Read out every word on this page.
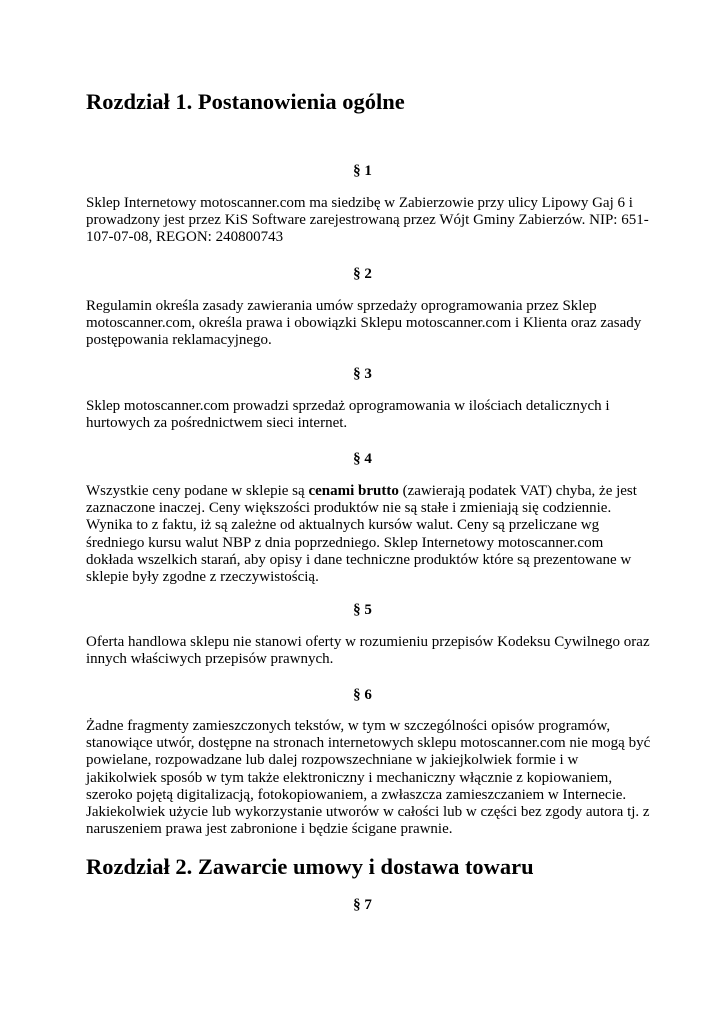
Rozdział 1. Postanowienia ogólne

§ 1

Sklep Internetowy motoscanner.com ma siedzibę w Zabierzowie przy ulicy Lipowy Gaj 6 i
prowadzony jest przez KiS Software zarejestrowaną przez Wójt Gminy Zabierzów. NIP: 651-
107-07-08, REGON: 240800743

§ 2

Regulamin określa zasady zawierania umów sprzedaży oprogramowania przez Sklep
motoscanner.com, określa prawa i obowiązki Sklepu motoscanner.com i Klienta oraz zasady
postępowania reklamacyjnego.

§ 3

Sklep motoscanner.com prowadzi sprzedaż oprogramowania w ilościach detalicznych i
hurtowych za pośrednictwem sieci internet.

§ 4

Wszystkie ceny podane w sklepie są cenami brutto (zawierają podatek VAT) chyba, że jest
zaznaczone inaczej. Ceny większości produktów nie są stałe i zmieniają się codziennie.
Wynika to z faktu, iż są zależne od aktualnych kursów walut. Ceny są przeliczane wg
średniego kursu walut NBP z dnia poprzedniego. Sklep Internetowy motoscanner.com
dokłada wszelkich starań, aby opisy i dane techniczne produktów które są prezentowane w
sklepie były zgodne z rzeczywistością.

§ 5

Oferta handlowa sklepu nie stanowi oferty w rozumieniu przepisów Kodeksu Cywilnego oraz
innych właściwych przepisów prawnych.

§ 6

Żadne fragmenty zamieszczonych tekstów, w tym w szczególności opisów programów,
stanowiące utwór, dostępne na stronach internetowych sklepu motoscanner.com nie mogą być
powielane, rozpowadzane lub dalej rozpowszechniane w jakiejkolwiek formie i w
jakikolwiek sposób w tym także elektroniczny i mechaniczny włącznie z kopiowaniem,
szeroko pojętą digitalizacją, fotokopiowaniem, a zwłaszcza zamieszczaniem w Internecie.
Jakiekolwiek użycie lub wykorzystanie utworów w całości lub w części bez zgody autora tj. z
naruszeniem prawa jest zabronione i będzie ścigane prawnie.

Rozdział 2. Zawarcie umowy i dostawa towaru

§ 7
